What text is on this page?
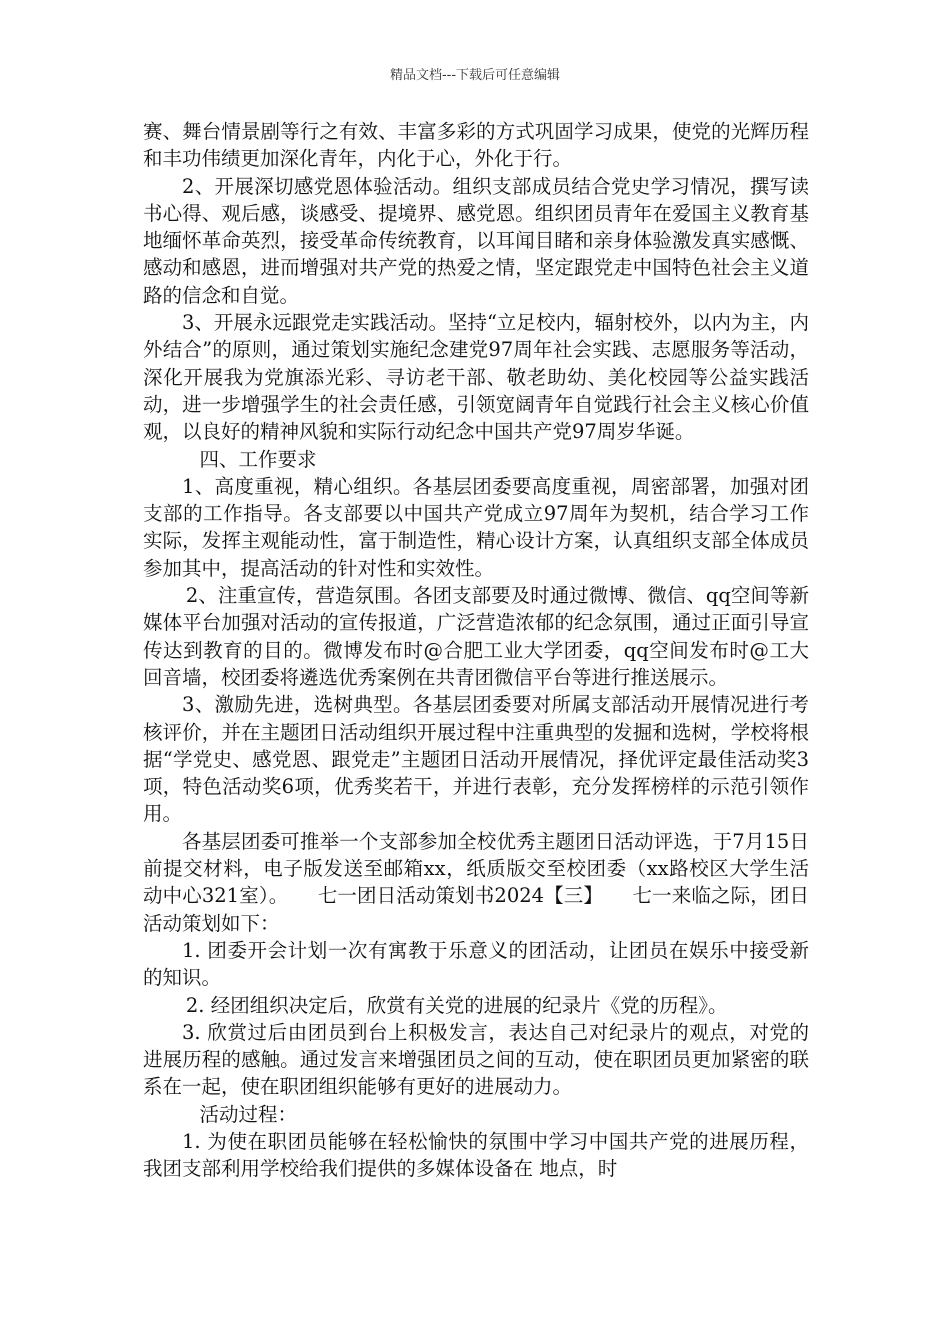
精品文档---下载后可任意编辑

赛、舞台情景剧等行之有效、丰富多彩的方式巩固学习成果，使党的光辉历程和丰功伟绩更加深化青年，内化于心，外化于行。

2、开展深切感党恩体验活动。组织支部成员结合党史学习情况，撰写读书心得、观后感，谈感受、提境界、感党恩。组织团员青年在爱国主义教育基地缅怀革命英烈，接受革命传统教育，以耳闻目睹和亲身体验激发真实感慨、感动和感恩，进而增强对共产党的热爱之情，坚定跟党走中国特色社会主义道路的信念和自觉。

3、开展永远跟党走实践活动。坚持“立足校内，辐射校外，以内为主，内外结合”的原则，通过策划实施纪念建党97周年社会实践、志愿服务等活动，深化开展我为党旗添光彩、寻访老干部、敬老助幼、美化校园等公益实践活动，进一步增强学生的社会责任感，引领宽阔青年自觉践行社会主义核心价值观，以良好的精神风貌和实际行动纪念中国共产党97周岁华诞。

四、工作要求

1、高度重视，精心组织。各基层团委要高度重视，周密部署，加强对团支部的工作指导。各支部要以中国共产党成立97周年为契机，结合学习工作实际，发挥主观能动性，富于制造性，精心设计方案，认真组织支部全体成员参加其中，提高活动的针对性和实效性。

2、注重宣传，营造氛围。各团支部要及时通过微博、微信、qq空间等新媒体平台加强对活动的宣传报道，广泛营造浓郁的纪念氛围，通过正面引导宣传达到教育的目的。微博发布时@合肥工业大学团委，qq空间发布时@工大回音墙，校团委将遴选优秀案例在共青团微信平台等进行推送展示。

3、激励先进，选树典型。各基层团委要对所属支部活动开展情况进行考核评价，并在主题团日活动组织开展过程中注重典型的发掘和选树，学校将根据“学党史、感党恩、跟党走”主题团日活动开展情况，择优评定最佳活动奖3项，特色活动奖6项，优秀奖若干，并进行表彰，充分发挥榜样的示范引领作用。

各基层团委可推举一个支部参加全校优秀主题团日活动评选，于7月15日前提交材料，电子版发送至邮箱xx，纸质版交至校团委（xx路校区大学生活动中心321室）。　　七一团日活动策划书2024【三】　　七一来临之际，团日活动策划如下：

1. 团委开会计划一次有寓教于乐意义的团活动，让团员在娱乐中接受新的知识。

2. 经团组织决定后，欣赏有关党的进展的纪录片《党的历程》。

3. 欣赏过后由团员到台上积极发言，表达自己对纪录片的观点，对党的进展历程的感触。通过发言来增强团员之间的互动，使在职团员更加紧密的联系在一起，使在职团组织能够有更好的进展动力。

活动过程：

1. 为使在职团员能够在轻松愉快的氛围中学习中国共产党的进展历程，我团支部利用学校给我们提供的多媒体设备在 地点，时
